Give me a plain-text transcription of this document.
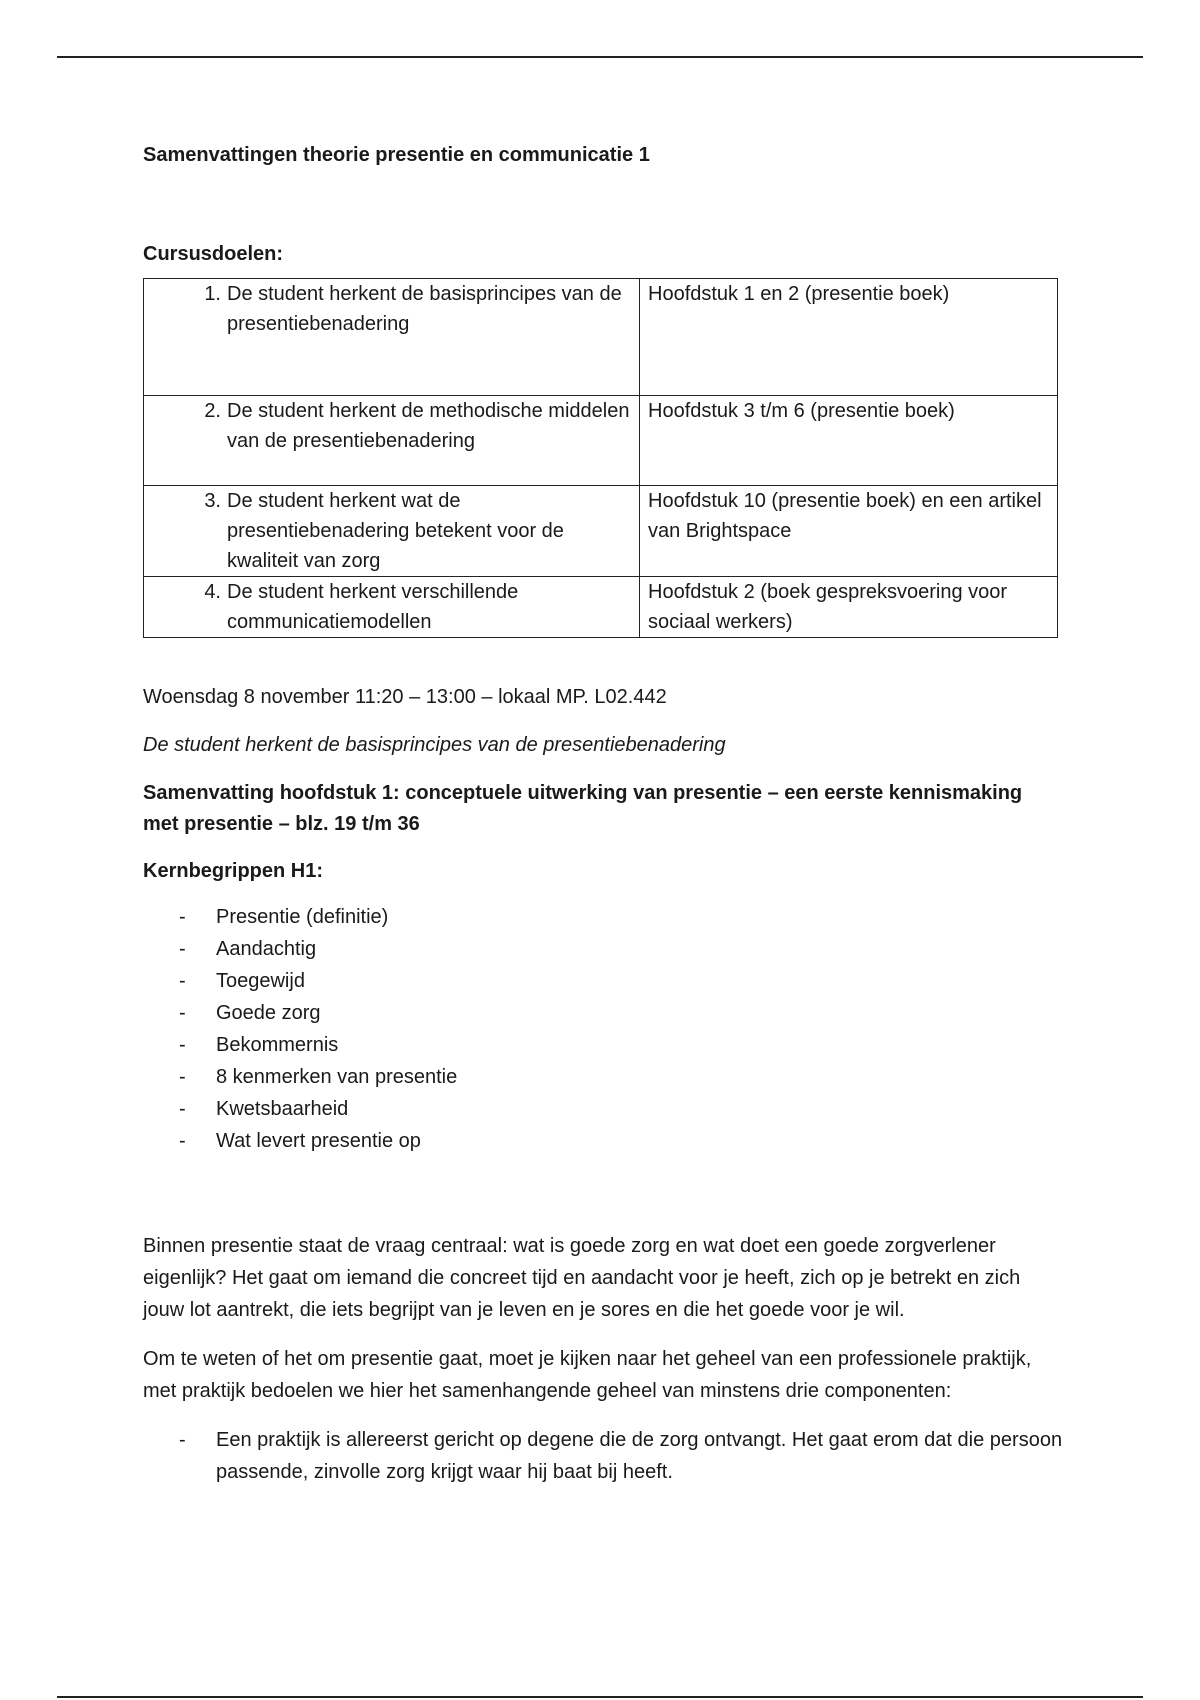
Samenvattingen theorie presentie en communicatie 1

Cursusdoelen:

1. De student herkent de basisprincipes van de presentiebenadering	Hoofdstuk 1 en 2 (presentie boek)

2. De student herkent de methodische middelen van de presentiebenadering	Hoofdstuk 3 t/m 6 (presentie boek)

3. De student herkent wat de presentiebenadering betekent voor de kwaliteit van zorg	Hoofdstuk 10 (presentie boek) en een artikel van Brightspace

4. De student herkent verschillende communicatiemodellen	Hoofdstuk 2 (boek gespreksvoering voor sociaal werkers)

Woensdag 8 november 11:20 – 13:00 – lokaal MP. L02.442

De student herkent de basisprincipes van de presentiebenadering

Samenvatting hoofdstuk 1: conceptuele uitwerking van presentie – een eerste kennismaking met presentie – blz. 19 t/m 36

Kernbegrippen H1:

- Presentie (definitie)
- Aandachtig
- Toegewijd
- Goede zorg
- Bekommernis
- 8 kenmerken van presentie
- Kwetsbaarheid
- Wat levert presentie op

Binnen presentie staat de vraag centraal: wat is goede zorg en wat doet een goede zorgverlener eigenlijk? Het gaat om iemand die concreet tijd en aandacht voor je heeft, zich op je betrekt en zich jouw lot aantrekt, die iets begrijpt van je leven en je sores en die het goede voor je wil.

Om te weten of het om presentie gaat, moet je kijken naar het geheel van een professionele praktijk, met praktijk bedoelen we hier het samenhangende geheel van minstens drie componenten:

- Een praktijk is allereerst gericht op degene die de zorg ontvangt. Het gaat erom dat die persoon passende, zinvolle zorg krijgt waar hij baat bij heeft.
